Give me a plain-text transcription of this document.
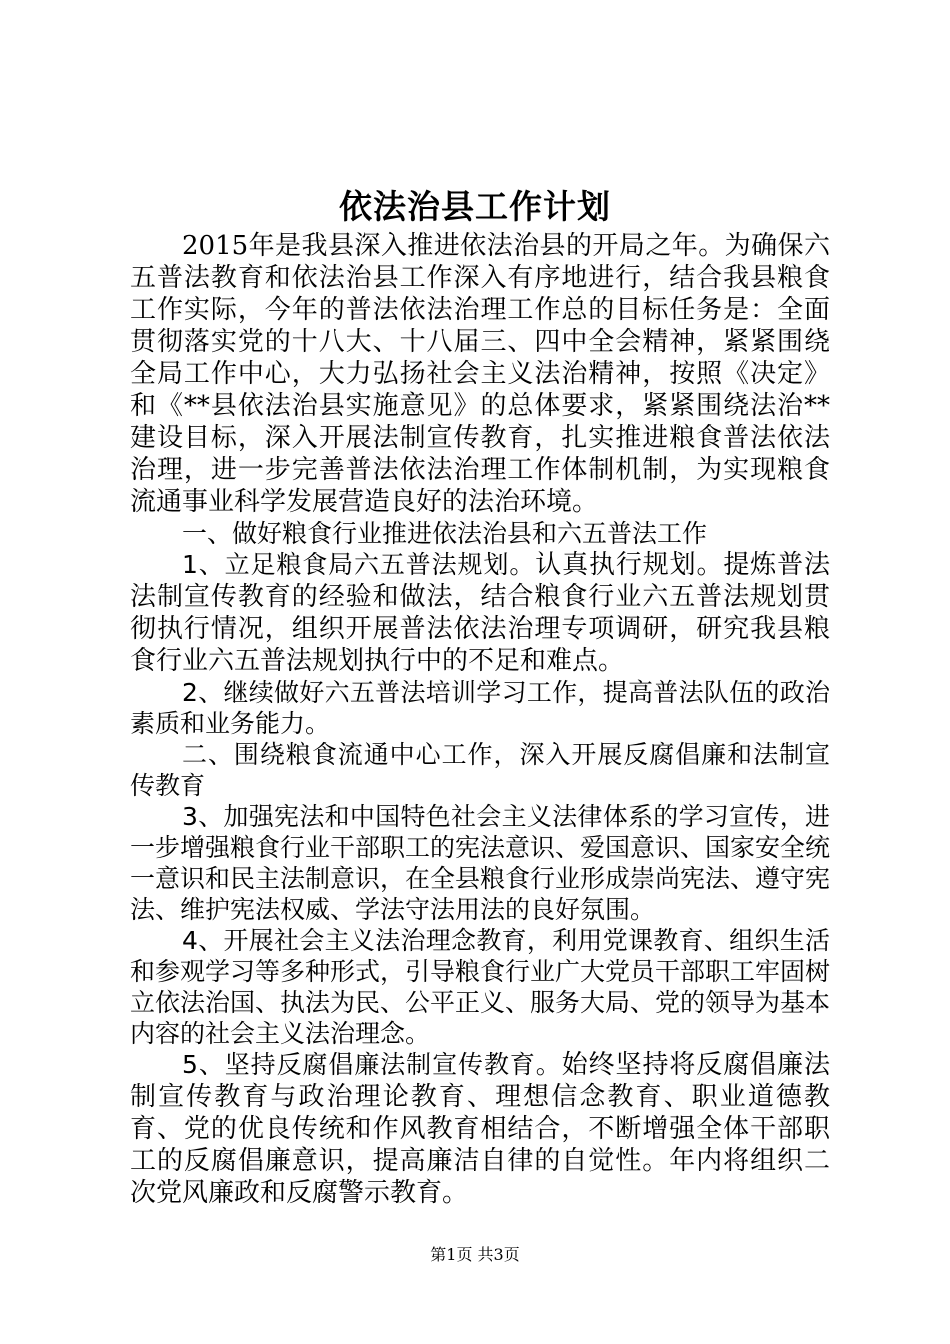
依法治县工作计划

2015年是我县深入推进依法治县的开局之年。为确保六五普法教育和依法治县工作深入有序地进行，结合我县粮食工作实际，今年的普法依法治理工作总的目标任务是：全面贯彻落实党的十八大、十八届三、四中全会精神，紧紧围绕全局工作中心，大力弘扬社会主义法治精神，按照《决定》和《**县依法治县实施意见》的总体要求，紧紧围绕法治**建设目标，深入开展法制宣传教育，扎实推进粮食普法依法治理，进一步完善普法依法治理工作体制机制，为实现粮食流通事业科学发展营造良好的法治环境。

一、做好粮食行业推进依法治县和六五普法工作

1、立足粮食局六五普法规划。认真执行规划。提炼普法法制宣传教育的经验和做法，结合粮食行业六五普法规划贯彻执行情况，组织开展普法依法治理专项调研，研究我县粮食行业六五普法规划执行中的不足和难点。

2、继续做好六五普法培训学习工作，提高普法队伍的政治素质和业务能力。

二、围绕粮食流通中心工作，深入开展反腐倡廉和法制宣传教育

3、加强宪法和中国特色社会主义法律体系的学习宣传，进一步增强粮食行业干部职工的宪法意识、爱国意识、国家安全统一意识和民主法制意识，在全县粮食行业形成崇尚宪法、遵守宪法、维护宪法权威、学法守法用法的良好氛围。

4、开展社会主义法治理念教育，利用党课教育、组织生活和参观学习等多种形式，引导粮食行业广大党员干部职工牢固树立依法治国、执法为民、公平正义、服务大局、党的领导为基本内容的社会主义法治理念。

5、坚持反腐倡廉法制宣传教育。始终坚持将反腐倡廉法制宣传教育与政治理论教育、理想信念教育、职业道德教育、党的优良传统和作风教育相结合，不断增强全体干部职工的反腐倡廉意识，提高廉洁自律的自觉性。年内将组织二次党风廉政和反腐警示教育。

第1页 共3页
